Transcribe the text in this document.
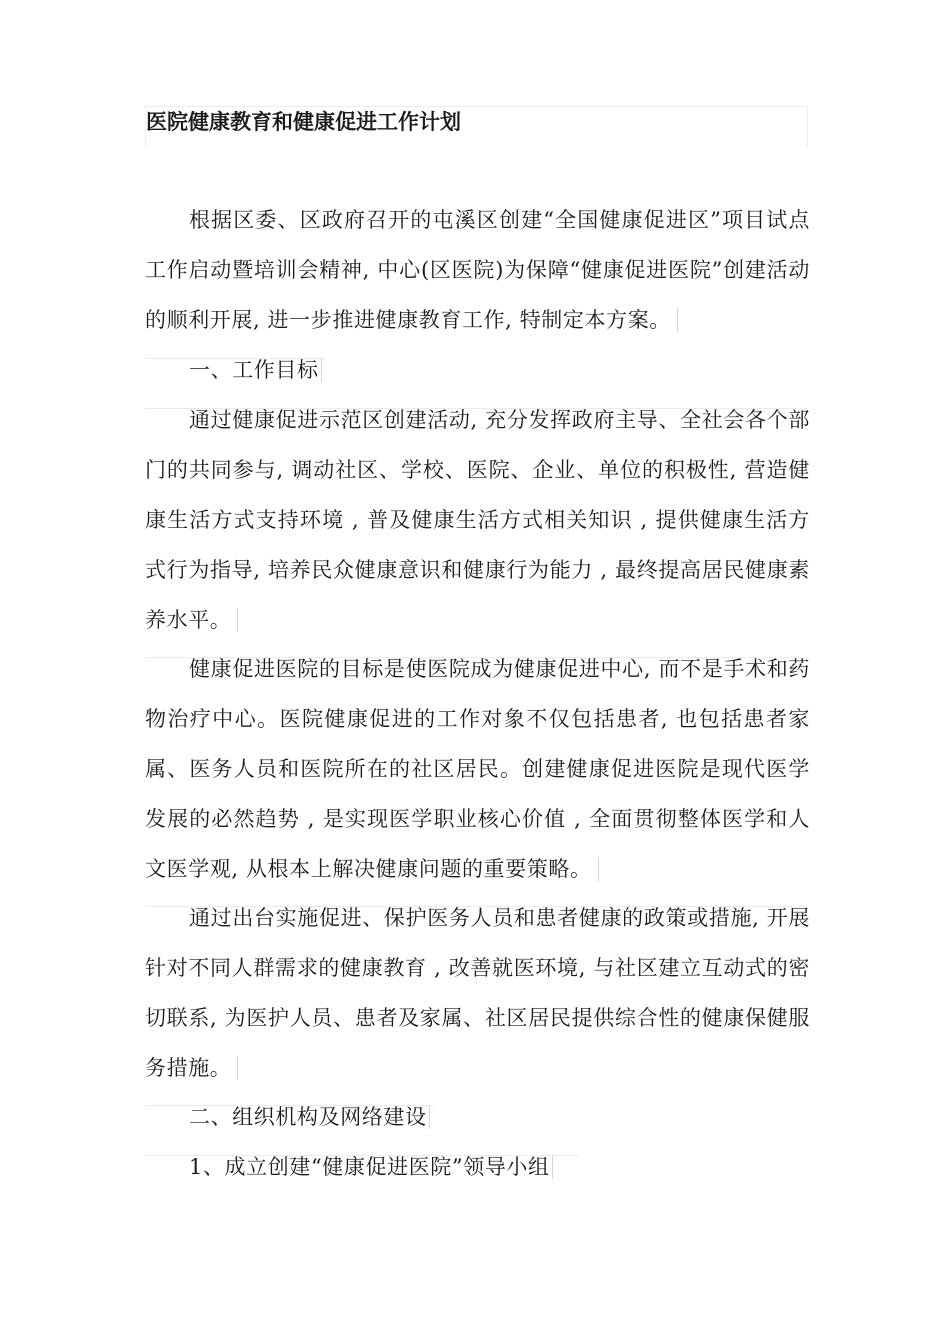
医院健康教育和健康促进工作计划

根据区委、区政府召开的屯溪区创建“全国健康促进区”项目试点工作启动暨培训会精神, 中心(区医院)为保障“健康促进医院”创建活动的顺利开展, 进一步推进健康教育工作, 特制定本方案。

一、工作目标

通过健康促进示范区创建活动, 充分发挥政府主导、全社会各个部门的共同参与, 调动社区、学校、医院、企业、单位的积极性, 营造健康生活方式支持环境 , 普及健康生活方式相关知识 , 提供健康生活方式行为指导, 培养民众健康意识和健康行为能力 , 最终提高居民健康素养水平。

健康促进医院的目标是使医院成为健康促进中心, 而不是手术和药物治疗中心。医院健康促进的工作对象不仅包括患者, 也包括患者家属、医务人员和医院所在的社区居民。创建健康促进医院是现代医学发展的必然趋势 , 是实现医学职业核心价值 , 全面贯彻整体医学和人文医学观, 从根本上解决健康问题的重要策略。

通过出台实施促进、保护医务人员和患者健康的政策或措施, 开展针对不同人群需求的健康教育 , 改善就医环境, 与社区建立互动式的密切联系, 为医护人员、患者及家属、社区居民提供综合性的健康保健服务措施。

二、组织机构及网络建设

1、成立创建“健康促进医院”领导小组
